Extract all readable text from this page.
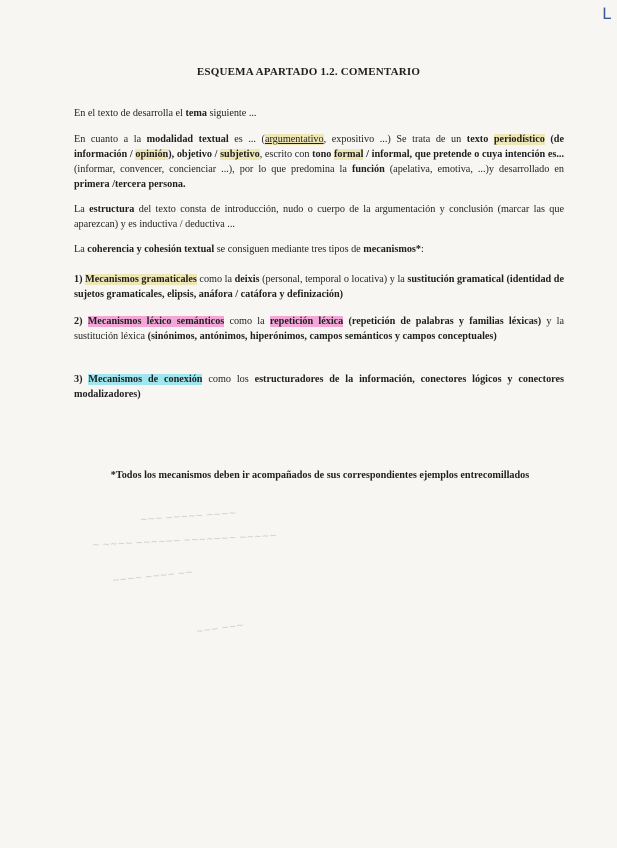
L
ESQUEMA APARTADO 1.2. COMENTARIO
En el texto de desarrolla el tema siguiente ...
En cuanto a la modalidad textual es ... (argumentativo, expositivo ...) Se trata de un texto periodístico (de información / opinión), objetivo / subjetivo, escrito con tono formal / informal, que pretende o cuya intención es... (informar, convencer, concienciar ...), por lo que predomina la función (apelativa, emotiva, ...)y desarrollado en primera /tercera persona.
La estructura del texto consta de introducción, nudo o cuerpo de la argumentación y conclusión (marcar las que aparezcan) y es inductiva / deductiva ...
La coherencia y cohesión textual se consiguen mediante tres tipos de mecanismos*:
1) Mecanismos gramaticales como la deixis (personal, temporal o locativa) y la sustitución gramatical (identidad de sujetos gramaticales, elipsis, anáfora / catáfora y definización)
2) Mecanismos léxico semánticos como la repetición léxica (repetición de palabras y familias léxicas) y la sustitución léxica (sinónimos, antónimos, hiperónimos, campos semánticos y campos conceptuales)
3) Mecanismos de conexión como los estructuradores de la información, conectores lógicos y conectores modalizadores)
*Todos los mecanismos deben ir acompañados de sus correspondientes ejemplos entrecomillados
~~~ ~~~~~ ~~~~
~ ~~~~ ~~~~~~ ~~~~~~~ ~~~~~
~~~~ ~~~~ ~~
~~~ ~~~
